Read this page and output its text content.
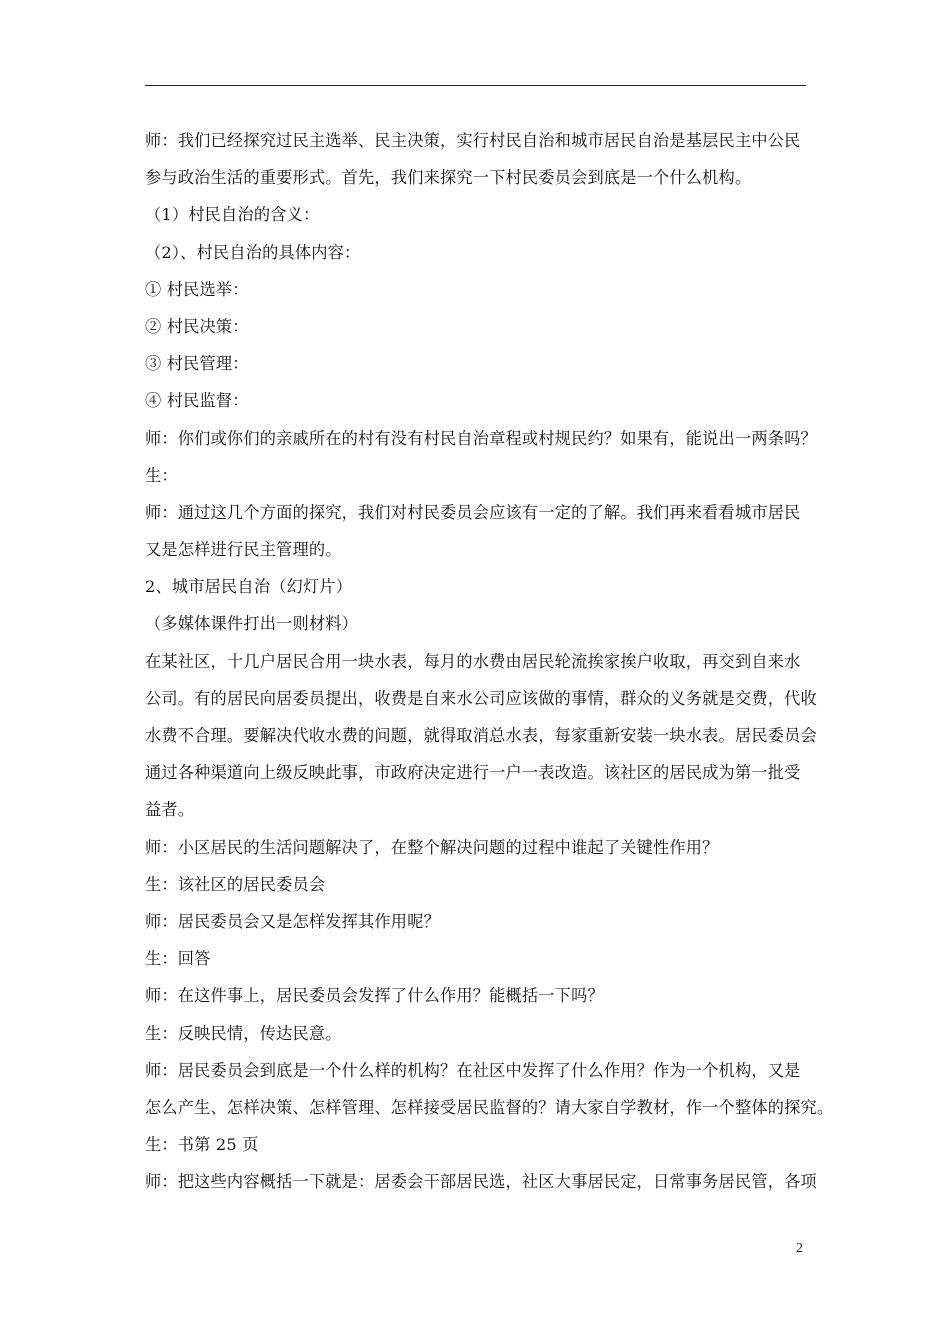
师：我们已经探究过民主选举、民主决策，实行村民自治和城市居民自治是基层民主中公民
参与政治生活的重要形式。首先，我们来探究一下村民委员会到底是一个什么机构。
（1）村民自治的含义：
（2）、村民自治的具体内容：
① 村民选举：
② 村民决策：
③ 村民管理：
④ 村民监督：
师：你们或你们的亲戚所在的村有没有村民自治章程或村规民约？如果有，能说出一两条吗？
生：
师：通过这几个方面的探究，我们对村民委员会应该有一定的了解。我们再来看看城市居民
又是怎样进行民主管理的。
2、城市居民自治（幻灯片）
（多媒体课件打出一则材料）
在某社区，十几户居民合用一块水表，每月的水费由居民轮流挨家挨户收取，再交到自来水
公司。有的居民向居委员提出，收费是自来水公司应该做的事情，群众的义务就是交费，代收
水费不合理。要解决代收水费的问题，就得取消总水表，每家重新安装一块水表。居民委员会
通过各种渠道向上级反映此事，市政府决定进行一户一表改造。该社区的居民成为第一批受
益者。
师：小区居民的生活问题解决了，在整个解决问题的过程中谁起了关键性作用？
生：该社区的居民委员会
师：居民委员会又是怎样发挥其作用呢？
生：回答
师：在这件事上，居民委员会发挥了什么作用？能概括一下吗？
生：反映民情，传达民意。
师：居民委员会到底是一个什么样的机构？在社区中发挥了什么作用？作为一个机构，又是
怎么产生、怎样决策、怎样管理、怎样接受居民监督的？请大家自学教材，作一个整体的探究。
生：书第 25 页
师：把这些内容概括一下就是：居委会干部居民选，社区大事居民定，日常事务居民管，各项
2
